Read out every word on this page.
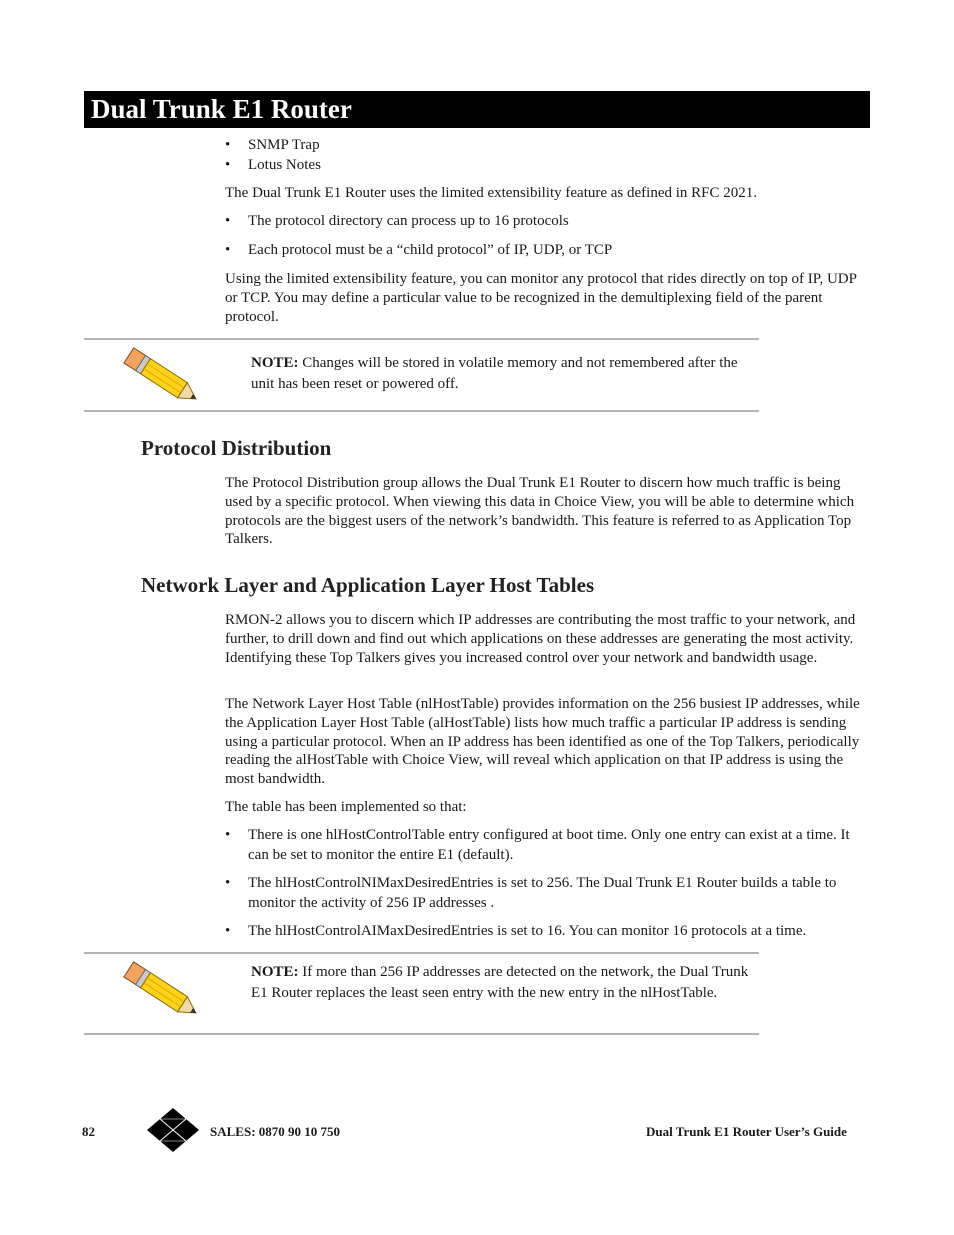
Dual Trunk E1 Router
• SNMP Trap
• Lotus Notes

The Dual Trunk E1 Router uses the limited extensibility feature as defined in RFC 2021.

• The protocol directory can process up to 16 protocols
• Each protocol must be a “child protocol” of IP, UDP, or TCP

Using the limited extensibility feature, you can monitor any protocol that rides directly on top of IP, UDP or TCP. You may define a particular value to be recognized in the demultiplexing field of the parent protocol.

NOTE: Changes will be stored in volatile memory and not remembered after the unit has been reset or powered off.
Protocol Distribution

The Protocol Distribution group allows the Dual Trunk E1 Router to discern how much traffic is being used by a specific protocol. When viewing this data in Choice View, you will be able to determine which protocols are the biggest users of the network’s bandwidth. This feature is referred to as Application Top Talkers.

Network Layer and Application Layer Host Tables

RMON-2 allows you to discern which IP addresses are contributing the most traffic to your network, and further, to drill down and find out which applications on these addresses are generating the most activity. Identifying these Top Talkers gives you increased control over your network and bandwidth usage.

The Network Layer Host Table (nlHostTable) provides information on the 256 busiest IP addresses, while the Application Layer Host Table (alHostTable) lists how much traffic a particular IP address is sending using a particular protocol. When an IP address has been identified as one of the Top Talkers, periodically reading the alHostTable with Choice View, will reveal which application on that IP address is using the most bandwidth.

The table has been implemented so that:

• There is one hlHostControlTable entry configured at boot time. Only one entry can exist at a time. It can be set to monitor the entire E1 (default).
• The hlHostControlNIMaxDesiredEntries is set to 256. The Dual Trunk E1 Router builds a table to monitor the activity of 256 IP addresses .
• The hlHostControlAIMaxDesiredEntries is set to 16. You can monitor 16 protocols at a time.
NOTE: If more than 256 IP addresses are detected on the network, the Dual Trunk E1 Router replaces the least seen entry with the new entry in the nlHostTable.
82	SALES: 0870 90 10 750	Dual Trunk E1 Router User’s Guide
